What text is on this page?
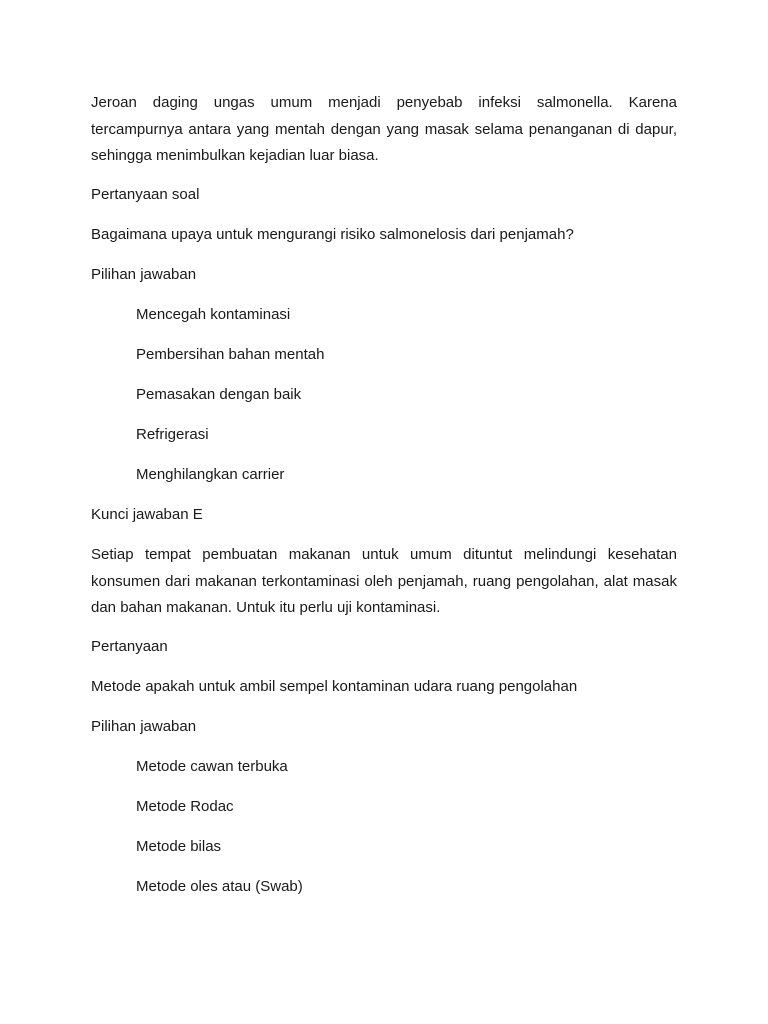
Jeroan daging ungas umum menjadi penyebab infeksi salmonella. Karena tercampurnya antara yang mentah dengan yang masak selama penanganan di dapur, sehingga menimbulkan kejadian luar biasa.

Pertanyaan soal

Bagaimana upaya untuk mengurangi risiko salmonelosis dari penjamah?

Pilihan jawaban

Mencegah kontaminasi

Pembersihan bahan mentah

Pemasakan dengan baik

Refrigerasi

Menghilangkan carrier

Kunci jawaban E

Setiap tempat pembuatan makanan untuk umum dituntut melindungi kesehatan konsumen dari makanan terkontaminasi oleh penjamah, ruang pengolahan, alat masak dan bahan makanan. Untuk itu perlu uji kontaminasi.

Pertanyaan

Metode apakah untuk ambil sempel kontaminan udara ruang pengolahan

Pilihan jawaban

Metode cawan terbuka

Metode Rodac

Metode bilas

Metode oles atau (Swab)
